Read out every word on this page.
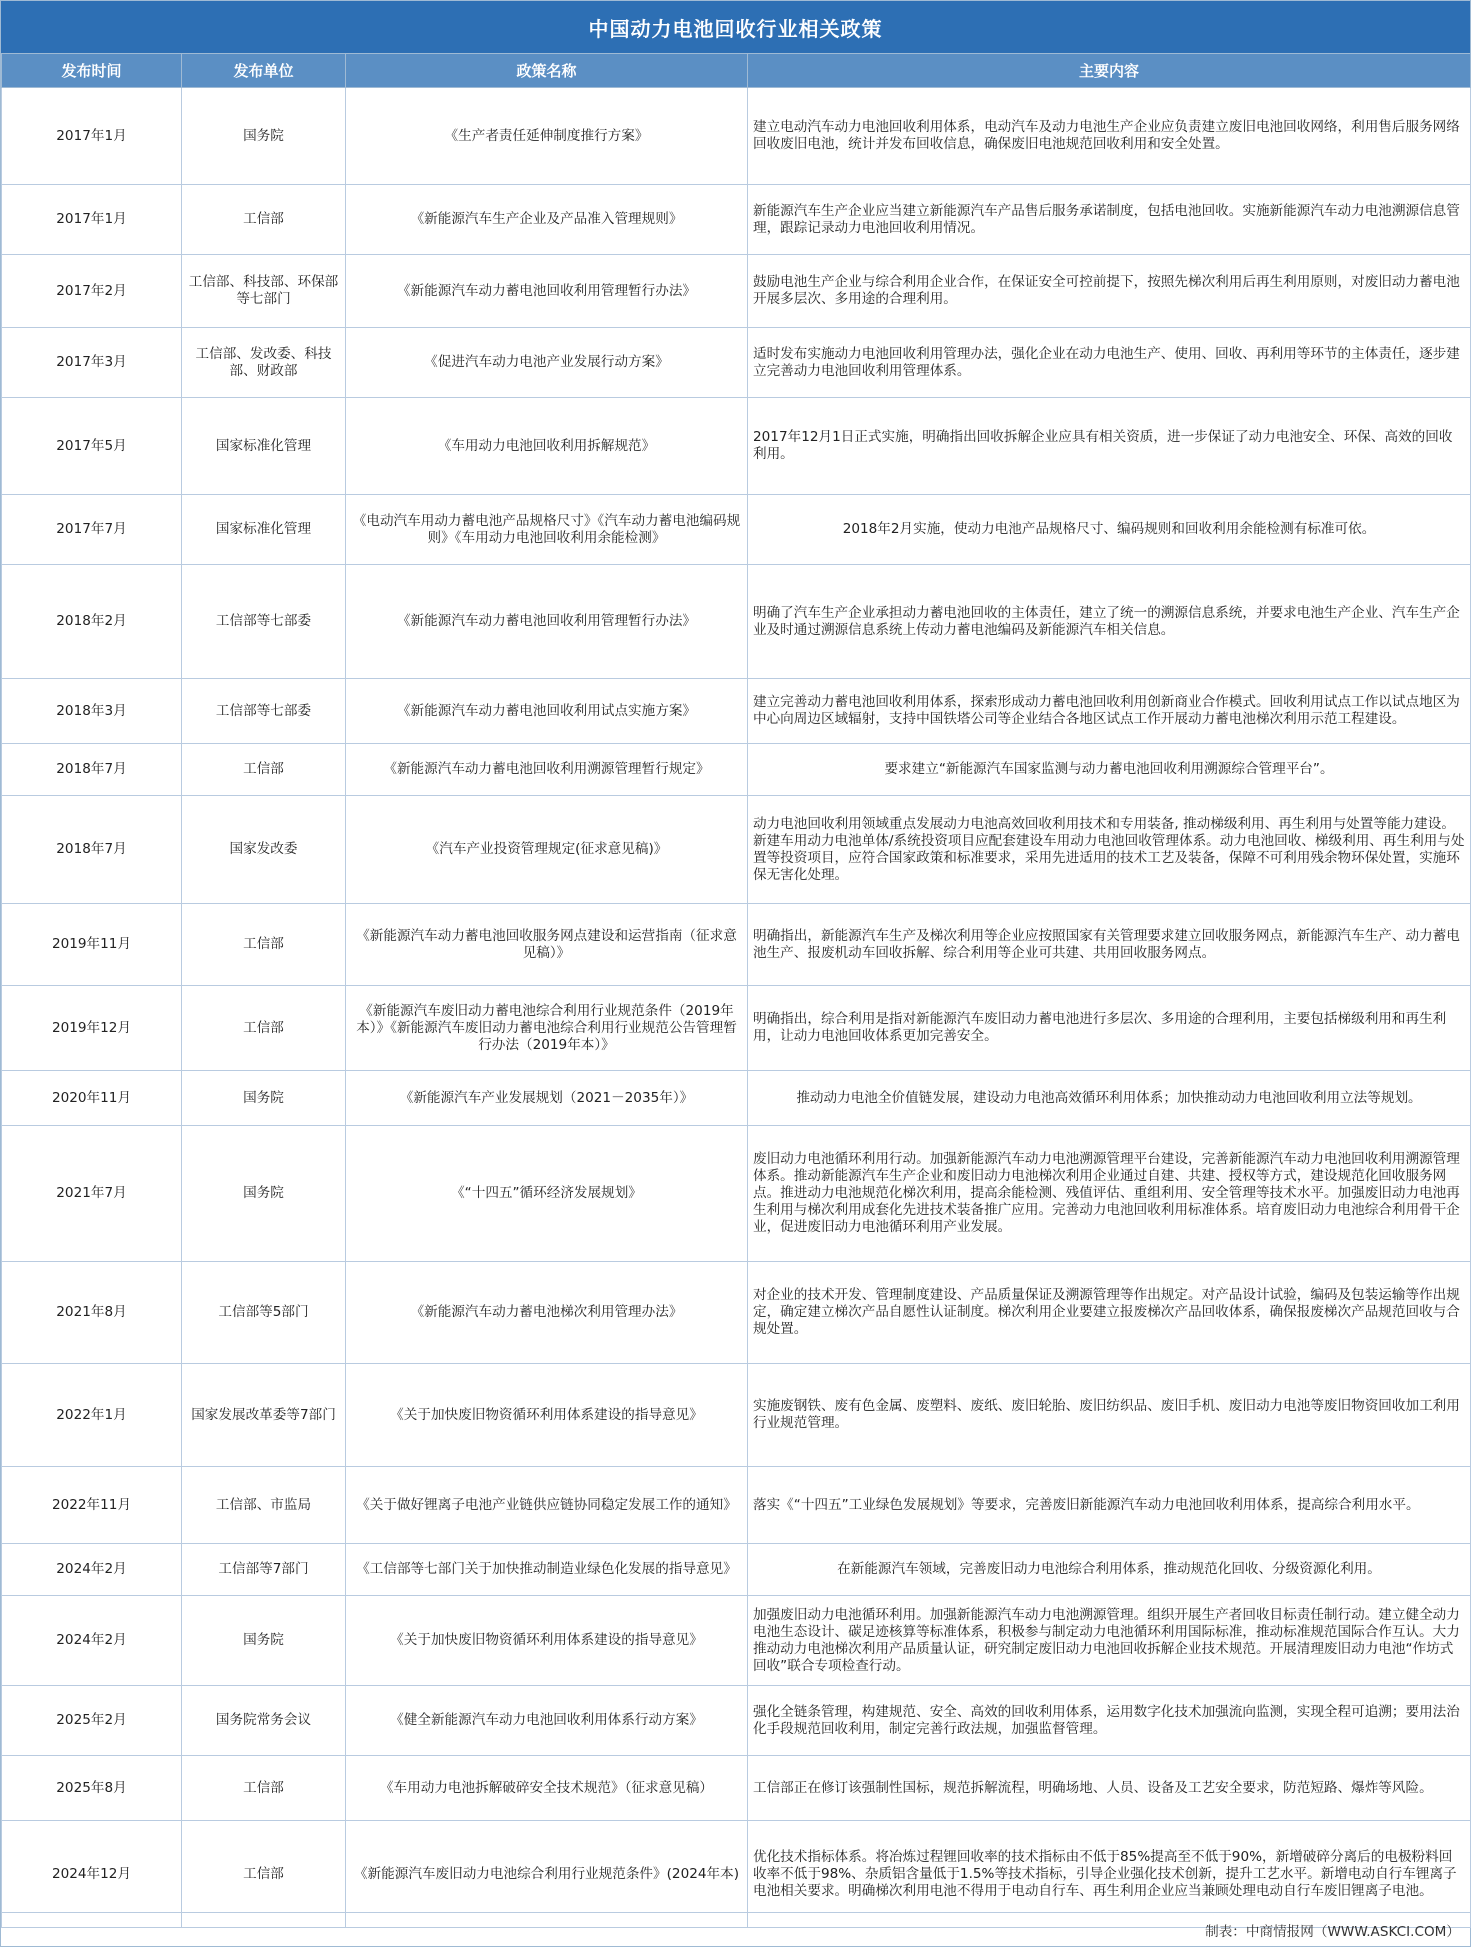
中国动力电池回收行业相关政策
发布时间	发布单位	政策名称	主要内容
2017年1月	国务院	《生产者责任延伸制度推行方案》	建立电动汽车动力电池回收利用体系，电动汽车及动力电池生产企业应负责建立废旧电池回收网络，利用售后服务网络回收废旧电池，统计并发布回收信息，确保废旧电池规范回收利用和安全处置。
2017年1月	工信部	《新能源汽车生产企业及产品准入管理规则》	新能源汽车生产企业应当建立新能源汽车产品售后服务承诺制度，包括电池回收。实施新能源汽车动力电池溯源信息管理，跟踪记录动力电池回收利用情况。
2017年2月	工信部、科技部、环保部等七部门	《新能源汽车动力蓄电池回收利用管理暂行办法》	鼓励电池生产企业与综合利用企业合作，在保证安全可控前提下，按照先梯次利用后再生利用原则，对废旧动力蓄电池开展多层次、多用途的合理利用。
2017年3月	工信部、发改委、科技部、财政部	《促进汽车动力电池产业发展行动方案》	适时发布实施动力电池回收利用管理办法，强化企业在动力电池生产、使用、回收、再利用等环节的主体责任，逐步建立完善动力电池回收利用管理体系。
2017年5月	国家标准化管理	《车用动力电池回收利用拆解规范》	2017年12月1日正式实施，明确指出回收拆解企业应具有相关资质，进一步保证了动力电池安全、环保、高效的回收利用。
2017年7月	国家标准化管理	《电动汽车用动力蓄电池产品规格尺寸》《汽车动力蓄电池编码规则》《车用动力电池回收利用余能检测》	2018年2月实施，使动力电池产品规格尺寸、编码规则和回收利用余能检测有标准可依。
2018年2月	工信部等七部委	《新能源汽车动力蓄电池回收利用管理暂行办法》	明确了汽车生产企业承担动力蓄电池回收的主体责任，建立了统一的溯源信息系统，并要求电池生产企业、汽车生产企业及时通过溯源信息系统上传动力蓄电池编码及新能源汽车相关信息。
2018年3月	工信部等七部委	《新能源汽车动力蓄电池回收利用试点实施方案》	建立完善动力蓄电池回收利用体系，探索形成动力蓄电池回收利用创新商业合作模式。回收利用试点工作以试点地区为中心向周边区域辐射，支持中国铁塔公司等企业结合各地区试点工作开展动力蓄电池梯次利用示范工程建设。
2018年7月	工信部	《新能源汽车动力蓄电池回收利用溯源管理暂行规定》	要求建立“新能源汽车国家监测与动力蓄电池回收利用溯源综合管理平台”。
2018年7月	国家发改委	《汽车产业投资管理规定(征求意见稿)》	动力电池回收利用领域重点发展动力电池高效回收利用技术和专用装备, 推动梯级利用、再生利用与处置等能力建设。新建车用动力电池单体/系统投资项目应配套建设车用动力电池回收管理体系。动力电池回收、梯级利用、再生利用与处置等投资项目，应符合国家政策和标准要求，采用先进适用的技术工艺及装备，保障不可利用残余物环保处置，实施环保无害化处理。
2019年11月	工信部	《新能源汽车动力蓄电池回收服务网点建设和运营指南（征求意见稿）》	明确指出，新能源汽车生产及梯次利用等企业应按照国家有关管理要求建立回收服务网点，新能源汽车生产、动力蓄电池生产、报废机动车回收拆解、综合利用等企业可共建、共用回收服务网点。
2019年12月	工信部	《新能源汽车废旧动力蓄电池综合利用行业规范条件（2019年本）》《新能源汽车废旧动力蓄电池综合利用行业规范公告管理暂行办法（2019年本）》	明确指出，综合利用是指对新能源汽车废旧动力蓄电池进行多层次、多用途的合理利用，主要包括梯级利用和再生利用，让动力电池回收体系更加完善安全。
2020年11月	国务院	《新能源汽车产业发展规划（2021－2035年）》	推动动力电池全价值链发展，建设动力电池高效循环利用体系；加快推动动力电池回收利用立法等规划。
2021年7月	国务院	《“十四五”循环经济发展规划》	废旧动力电池循环利用行动。加强新能源汽车动力电池溯源管理平台建设，完善新能源汽车动力电池回收利用溯源管理体系。推动新能源汽车生产企业和废旧动力电池梯次利用企业通过自建、共建、授权等方式，建设规范化回收服务网点。推进动力电池规范化梯次利用，提高余能检测、残值评估、重组利用、安全管理等技术水平。加强废旧动力电池再生利用与梯次利用成套化先进技术装备推广应用。完善动力电池回收利用标准体系。培育废旧动力电池综合利用骨干企业，促进废旧动力电池循环利用产业发展。
2021年8月	工信部等5部门	《新能源汽车动力蓄电池梯次利用管理办法》	对企业的技术开发、管理制度建设、产品质量保证及溯源管理等作出规定。对产品设计试验，编码及包装运输等作出规定，确定建立梯次产品自愿性认证制度。梯次利用企业要建立报废梯次产品回收体系，确保报废梯次产品规范回收与合规处置。
2022年1月	国家发展改革委等7部门	《关于加快废旧物资循环利用体系建设的指导意见》	实施废钢铁、废有色金属、废塑料、废纸、废旧轮胎、废旧纺织品、废旧手机、废旧动力电池等废旧物资回收加工利用行业规范管理。
2022年11月	工信部、市监局	《关于做好锂离子电池产业链供应链协同稳定发展工作的通知》	落实《“十四五”工业绿色发展规划》等要求，完善废旧新能源汽车动力电池回收利用体系，提高综合利用水平。
2024年2月	工信部等7部门	《工信部等七部门关于加快推动制造业绿色化发展的指导意见》	在新能源汽车领域，完善废旧动力电池综合利用体系，推动规范化回收、分级资源化利用。
2024年2月	国务院	《关于加快废旧物资循环利用体系建设的指导意见》	加强废旧动力电池循环利用。加强新能源汽车动力电池溯源管理。组织开展生产者回收目标责任制行动。建立健全动力电池生态设计、碳足迹核算等标准体系，积极参与制定动力电池循环利用国际标准，推动标准规范国际合作互认。大力推动动力电池梯次利用产品质量认证，研究制定废旧动力电池回收拆解企业技术规范。开展清理废旧动力电池“作坊式回收”联合专项检查行动。
2025年2月	国务院常务会议	《健全新能源汽车动力电池回收利用体系行动方案》	强化全链条管理，构建规范、安全、高效的回收利用体系，运用数字化技术加强流向监测，实现全程可追溯；要用法治化手段规范回收利用，制定完善行政法规，加强监督管理。
2025年8月	工信部	《车用动力电池拆解破碎安全技术规范》（征求意见稿）	工信部正在修订该强制性国标，规范拆解流程，明确场地、人员、设备及工艺安全要求，防范短路、爆炸等风险。
2024年12月	工信部	《新能源汽车废旧动力电池综合利用行业规范条件》(2024年本)	优化技术指标体系。将冶炼过程锂回收率的技术指标由不低于85%提高至不低于90%，新增破碎分离后的电极粉料回收率不低于98%、杂质铝含量低于1.5%等技术指标，引导企业强化技术创新，提升工艺水平。新增电动自行车锂离子电池相关要求。明确梯次利用电池不得用于电动自行车、再生利用企业应当兼顾处理电动自行车废旧锂离子电池。
制表：中商情报网（WWW.ASKCI.COM）
